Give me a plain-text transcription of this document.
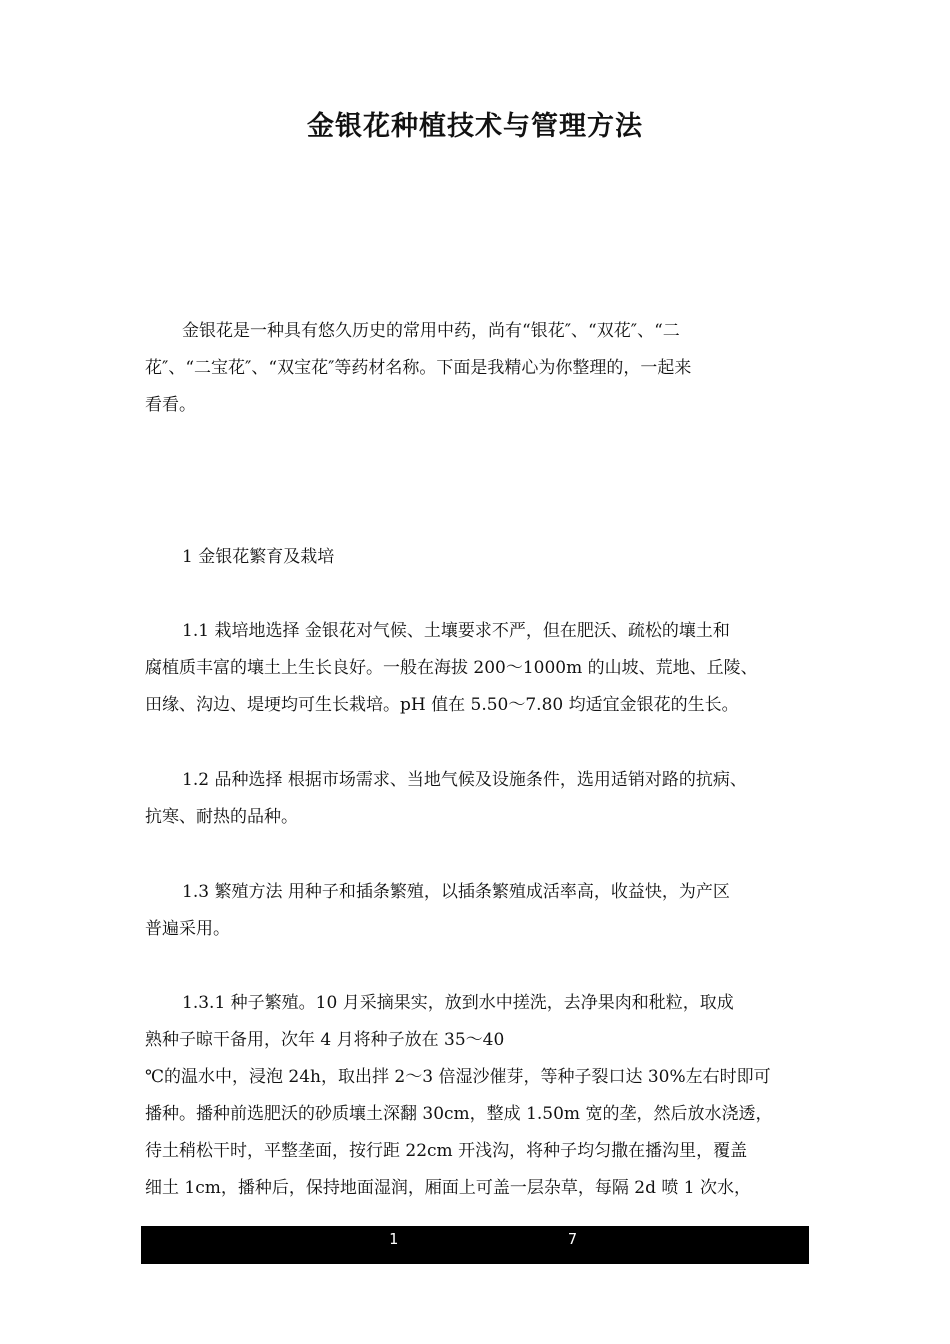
金银花种植技术与管理方法
金银花是一种具有悠久历史的常用中药，尚有“银花″、“双花″、“二
花″、“二宝花″、“双宝花″等药材名称。下面是我精心为你整理的，一起来
看看。
1 金银花繁育及栽培
1.1 栽培地选择 金银花对气候、土壤要求不严，但在肥沃、疏松的壤土和
腐植质丰富的壤土上生长良好。一般在海拔 200～1000m 的山坡、荒地、丘陵、
田缘、沟边、堤埂均可生长栽培。pH 值在 5.50～7.80 均适宜金银花的生长。
1.2 品种选择 根据市场需求、当地气候及设施条件，选用适销对路的抗病、
抗寒、耐热的品种。
1.3 繁殖方法 用种子和插条繁殖，以插条繁殖成活率高，收益快，为产区
普遍采用。
1.3.1 种子繁殖。10 月采摘果实，放到水中搓洗，去净果肉和秕粒，取成
熟种子晾干备用，次年 4 月将种子放在 35～40
℃的温水中，浸泡 24h，取出拌 2～3 倍湿沙催芽，等种子裂口达 30%左右时即可
播种。播种前选肥沃的砂质壤土深翻 30cm，整成 1.50m 宽的垄，然后放水浇透，
待土稍松干时，平整垄面，按行距 22cm 开浅沟，将种子均匀撒在播沟里，覆盖
细土 1cm，播种后，保持地面湿润，厢面上可盖一层杂草，每隔 2d 喷 1 次水，
1	7
